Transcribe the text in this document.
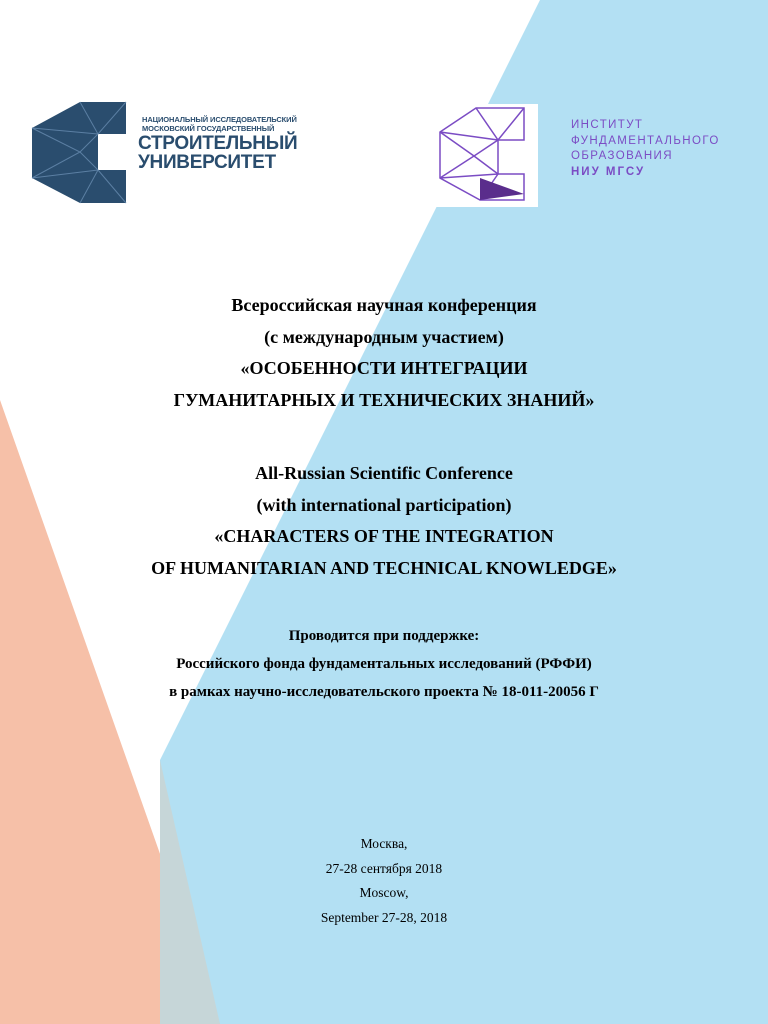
НАЦИОНАЛЬНЫЙ ИССЛЕДОВАТЕЛЬСКИЙ
МОСКОВСКИЙ ГОСУДАРСТВЕННЫЙ
СТРОИТЕЛЬНЫЙ
УНИВЕРСИТЕТ
ИНСТИТУТ
ФУНДАМЕНТАЛЬНОГО
ОБРАЗОВАНИЯ
НИУ МГСУ
Всероссийская научная конференция
(с международным участием)
«ОСОБЕННОСТИ ИНТЕГРАЦИИ
ГУМАНИТАРНЫХ И ТЕХНИЧЕСКИХ ЗНАНИЙ»
All-Russian Scientific Conference
(with international participation)
«CHARACTERS OF THE INTEGRATION
OF HUMANITARIAN AND TECHNICAL KNOWLEDGE»
Проводится при поддержке:
Российского фонда фундаментальных исследований (РФФИ)
в рамках научно-исследовательского проекта № 18-011-20056 Г
Москва,
27-28 сентября 2018
Moscow,
September 27-28, 2018
